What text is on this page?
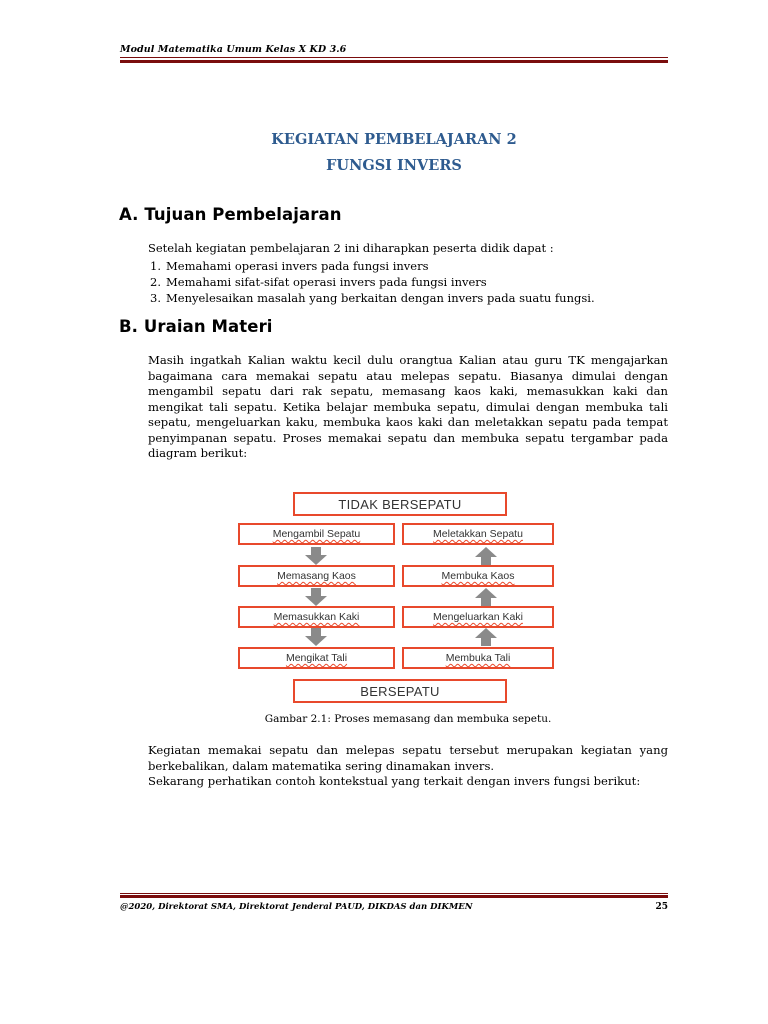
Modul Matematika Umum Kelas X KD 3.6
KEGIATAN PEMBELAJARAN 2
FUNGSI INVERS
A. Tujuan Pembelajaran
Setelah kegiatan pembelajaran 2 ini diharapkan peserta didik dapat :
1. Memahami operasi invers pada fungsi invers
2. Memahami sifat-sifat operasi invers pada fungsi invers
3. Menyelesaikan masalah yang berkaitan dengan invers pada suatu fungsi.
B. Uraian Materi

Masih ingatkah Kalian waktu kecil dulu orangtua Kalian atau guru TK mengajarkan bagaimana cara memakai sepatu atau melepas sepatu. Biasanya dimulai dengan mengambil sepatu dari rak sepatu, memasang kaos kaki, memasukkan kaki dan mengikat tali sepatu. Ketika belajar membuka sepatu, dimulai dengan membuka tali sepatu, mengeluarkan kaku, membuka kaos kaki dan meletakkan sepatu pada tempat penyimpanan sepatu. Proses memakai sepatu dan membuka sepatu tergambar pada diagram berikut:

TIDAK BERSEPATU
Mengambil Sepatu
Memasang Kaos
Memasukkan Kaki
Mengikat Tali
Meletakkan Sepatu
Membuka Kaos
Mengeluarkan Kaki
Membuka Tali
BERSEPATU
Gambar 2.1: Proses memasang dan membuka sepetu.

Kegiatan memakai sepatu dan melepas sepatu tersebut merupakan kegiatan yang berkebalikan, dalam matematika sering dinamakan invers.

Sekarang perhatikan contoh kontekstual yang terkait dengan invers fungsi berikut:

@2020, Direktorat SMA, Direktorat Jenderal PAUD, DIKDAS dan DIKMEN	25
